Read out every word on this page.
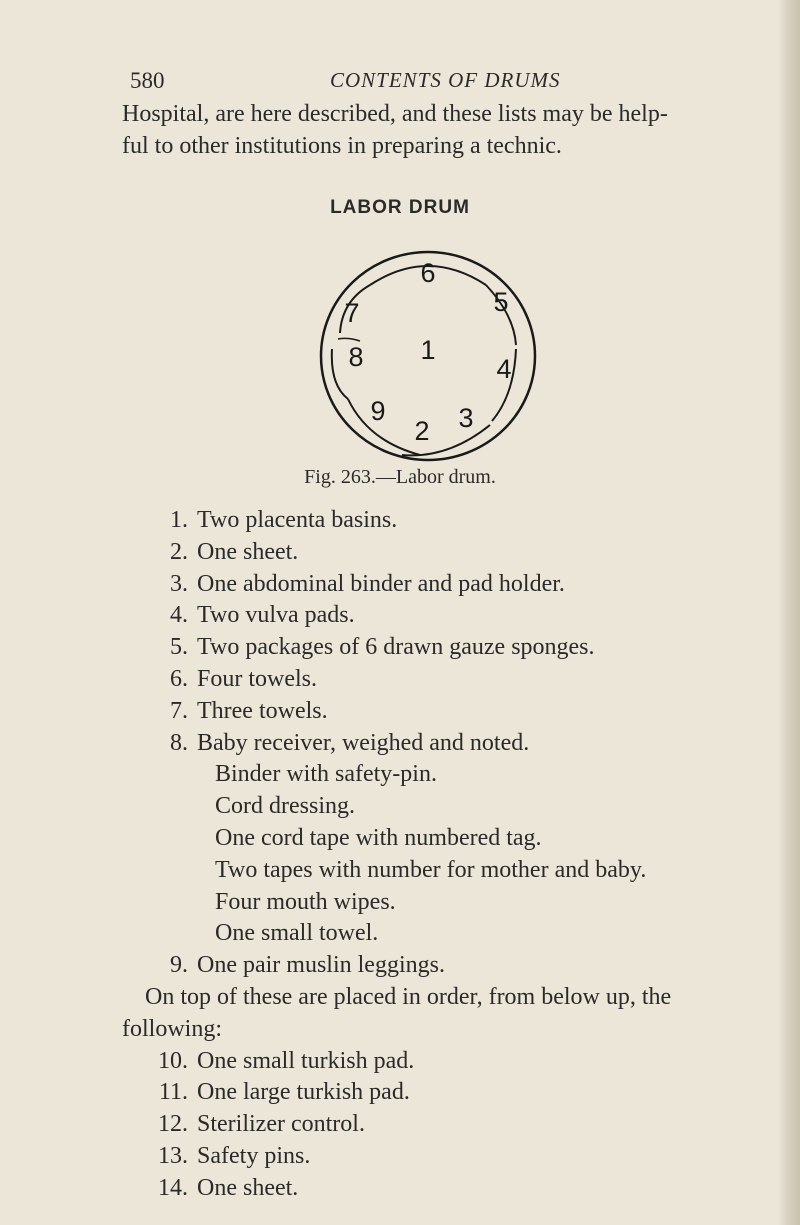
580	CONTENTS OF DRUMS
Hospital, are here described, and these lists may be help-
ful to other institutions in preparing a technic.
LABOR DRUM
1
2 3
4
5
6
7
8
9
Fig. 263.—Labor drum.
1. Two placenta basins.
2. One sheet.
3. One abdominal binder and pad holder.
4. Two vulva pads.
5. Two packages of 6 drawn gauze sponges.
6. Four towels.
7. Three towels.
8. Baby receiver, weighed and noted.
Binder with safety-pin.
Cord dressing.
One cord tape with numbered tag.
Two tapes with number for mother and baby.
Four mouth wipes.
One small towel.
9. One pair muslin leggings.
On top of these are placed in order, from below up, the
following:
10. One small turkish pad.
11. One large turkish pad.
12. Sterilizer control.
13. Safety pins.
14. One sheet.
